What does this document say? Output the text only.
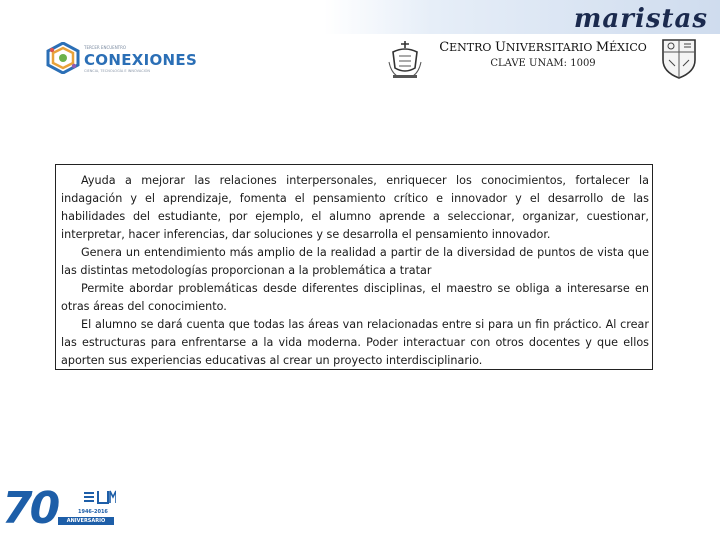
maristas
TERCER ENCUENTRO
CONEXIONES
CIENCIA, TECNOLOGÍA E INNOVACIÓN
CENTRO UNIVERSITARIO MÉXICO
CLAVE UNAM: 1009

Ayuda a mejorar las relaciones interpersonales, enriquecer los conocimientos, fortalecer la indagación y el aprendizaje, fomenta el pensamiento crítico e innovador y el desarrollo de las habilidades del estudiante, por ejemplo, el alumno aprende a seleccionar, organizar, cuestionar, interpretar, hacer inferencias, dar soluciones y se desarrolla el pensamiento innovador.

Genera un entendimiento más amplio de la realidad a partir de la diversidad de puntos de vista que las distintas metodologías proporcionan a la problemática a tratar

Permite abordar problemáticas desde diferentes disciplinas, el maestro se obliga a interesarse en otras áreas del conocimiento.

El alumno se dará cuenta que todas las áreas van relacionadas entre si para un fin práctico. Al crear las estructuras para enfrentarse a la vida moderna. Poder interactuar con otros docentes y que ellos aporten sus experiencias educativas al crear un proyecto interdisciplinario.

70	1946-2016
ANIVERSARIO
